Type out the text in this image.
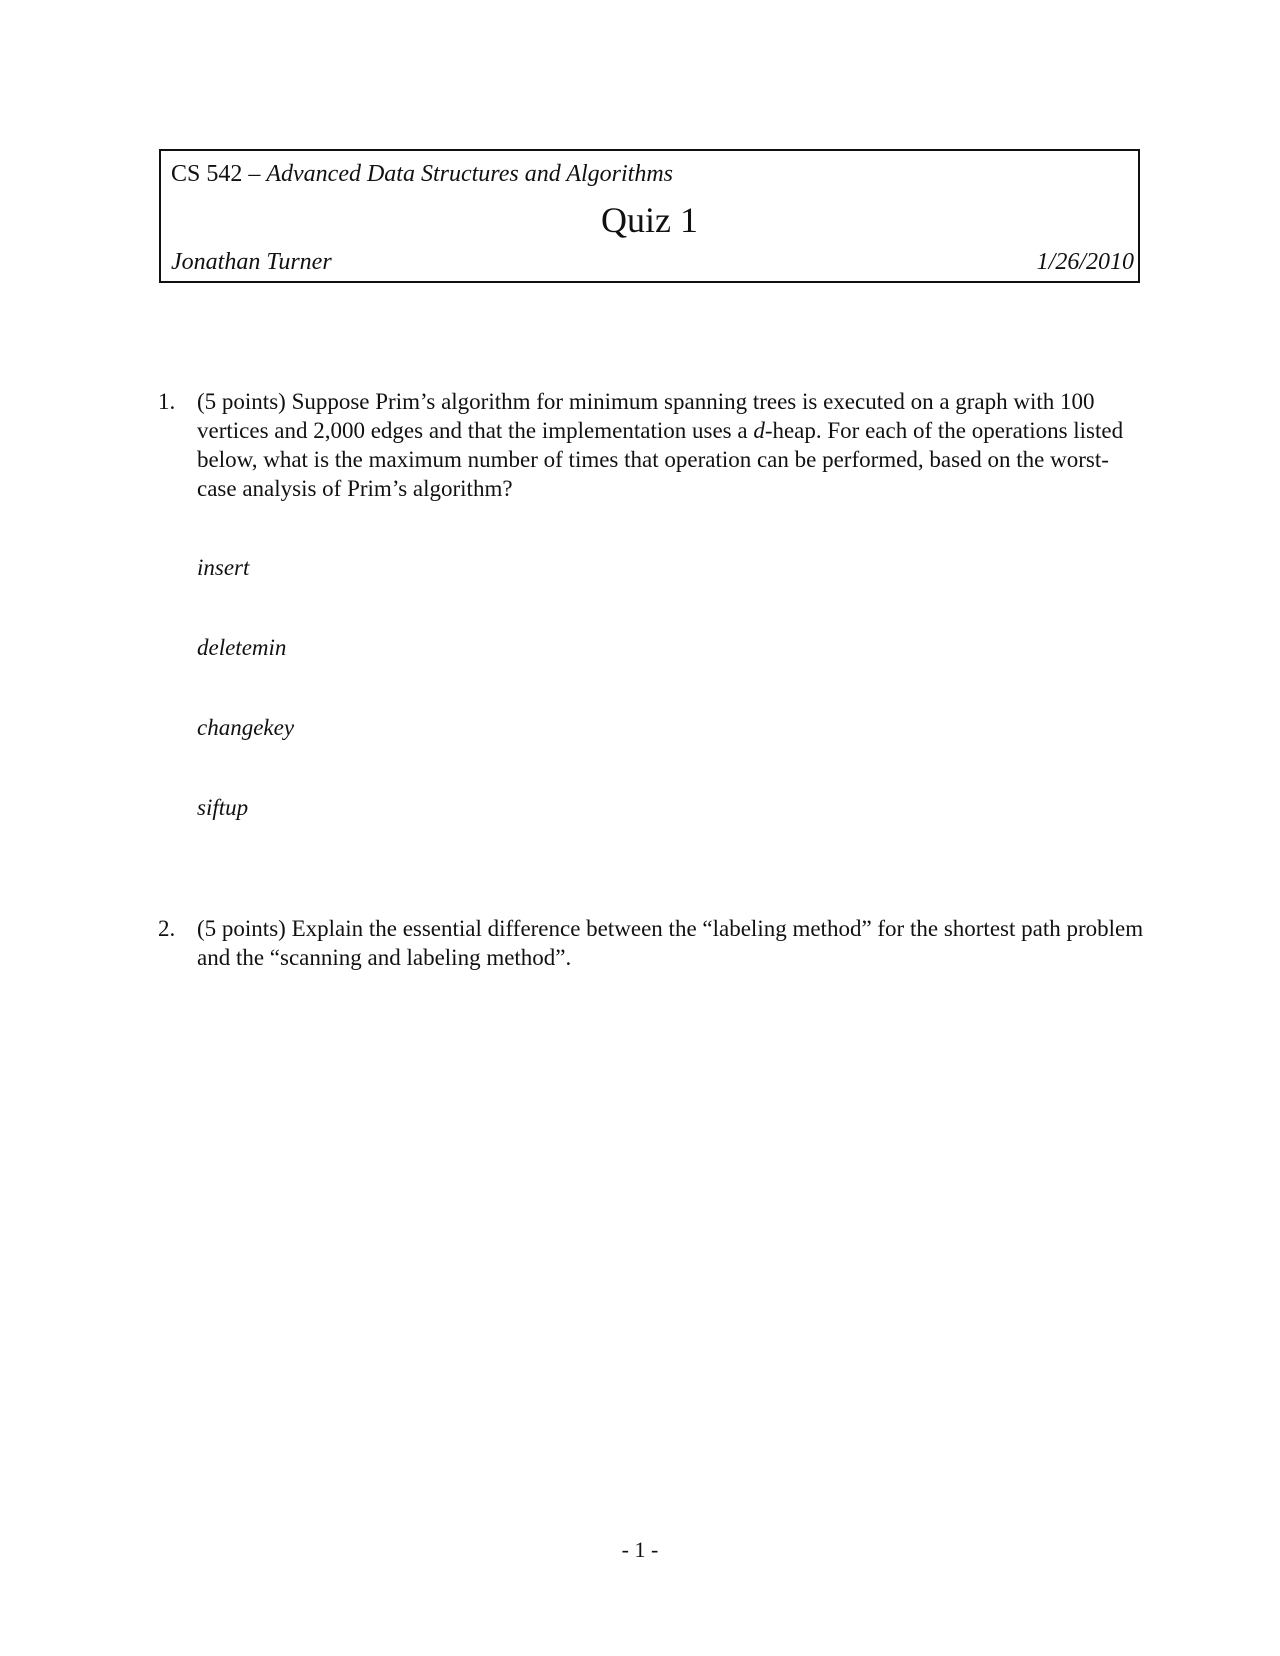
CS 542 – Advanced Data Structures and Algorithms
Quiz 1
Jonathan Turner	1/26/2010
1. (5 points) Suppose Prim’s algorithm for minimum spanning trees is executed on a graph with 100 vertices and 2,000 edges and that the implementation uses a d-heap. For each of the operations listed below, what is the maximum number of times that operation can be performed, based on the worst-case analysis of Prim’s algorithm?
insert
deletemin
changekey
siftup
2. (5 points) Explain the essential difference between the “labeling method” for the shortest path problem and the “scanning and labeling method”.
- 1 -
